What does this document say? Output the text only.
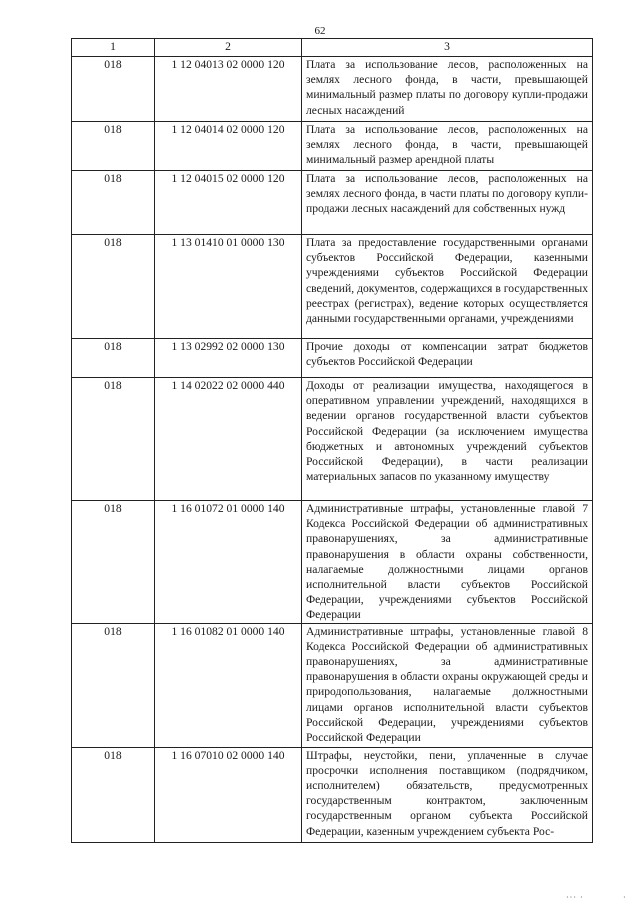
62
1	2	3
018	1 12 04013 02 0000 120	Плата за использование лесов, расположенных на землях лесного фонда, в части, превышающей минимальный размер платы по договору купли-продажи лесных насаждений
018	1 12 04014 02 0000 120	Плата за использование лесов, расположенных на землях лесного фонда, в части, превышающей минимальный размер арендной платы
018	1 12 04015 02 0000 120	Плата за использование лесов, расположенных на землях лесного фонда, в части платы по договору купли-продажи лесных насаждений для собственных нужд
018	1 13 01410 01 0000 130	Плата за предоставление государственными органами субъектов Российской Федерации, казенными учреждениями субъектов Российской Федерации сведений, документов, содержащихся в государственных реестрах (регистрах), ведение которых осуществляется данными государственными органами, учреждениями
018	1 13 02992 02 0000 130	Прочие доходы от компенсации затрат бюджетов субъектов Российской Федерации
018	1 14 02022 02 0000 440	Доходы от реализации имущества, находящегося в оперативном управлении учреждений, находящихся в ведении органов государственной власти субъектов Российской Федерации (за исключением имущества бюджетных и автономных учреждений субъектов Российской Федерации), в части реализации материальных запасов по указанному имуществу
018	1 16 01072 01 0000 140	Административные штрафы, установленные главой 7 Кодекса Российской Федерации об административных правонарушениях, за административные правонарушения в области охраны собственности, налагаемые должностными лицами органов исполнительной власти субъектов Российской Федерации, учреждениями субъектов Российской Федерации
018	1 16 01082 01 0000 140	Административные штрафы, установленные главой 8 Кодекса Российской Федерации об административных правонарушениях, за административные правонарушения в области охраны окружающей среды и природопользования, налагаемые должностными лицами органов исполнительной власти субъектов Российской Федерации, учреждениями субъектов Российской Федерации
018	1 16 07010 02 0000 140	Штрафы, неустойки, пени, уплаченные в случае просрочки исполнения поставщиком (подрядчиком, исполнителем) обязательств, предусмотренных государственным контрактом, заключенным государственным органом субъекта Российской Федерации, казенным учреждением субъекта Рос-
··· ·	·
